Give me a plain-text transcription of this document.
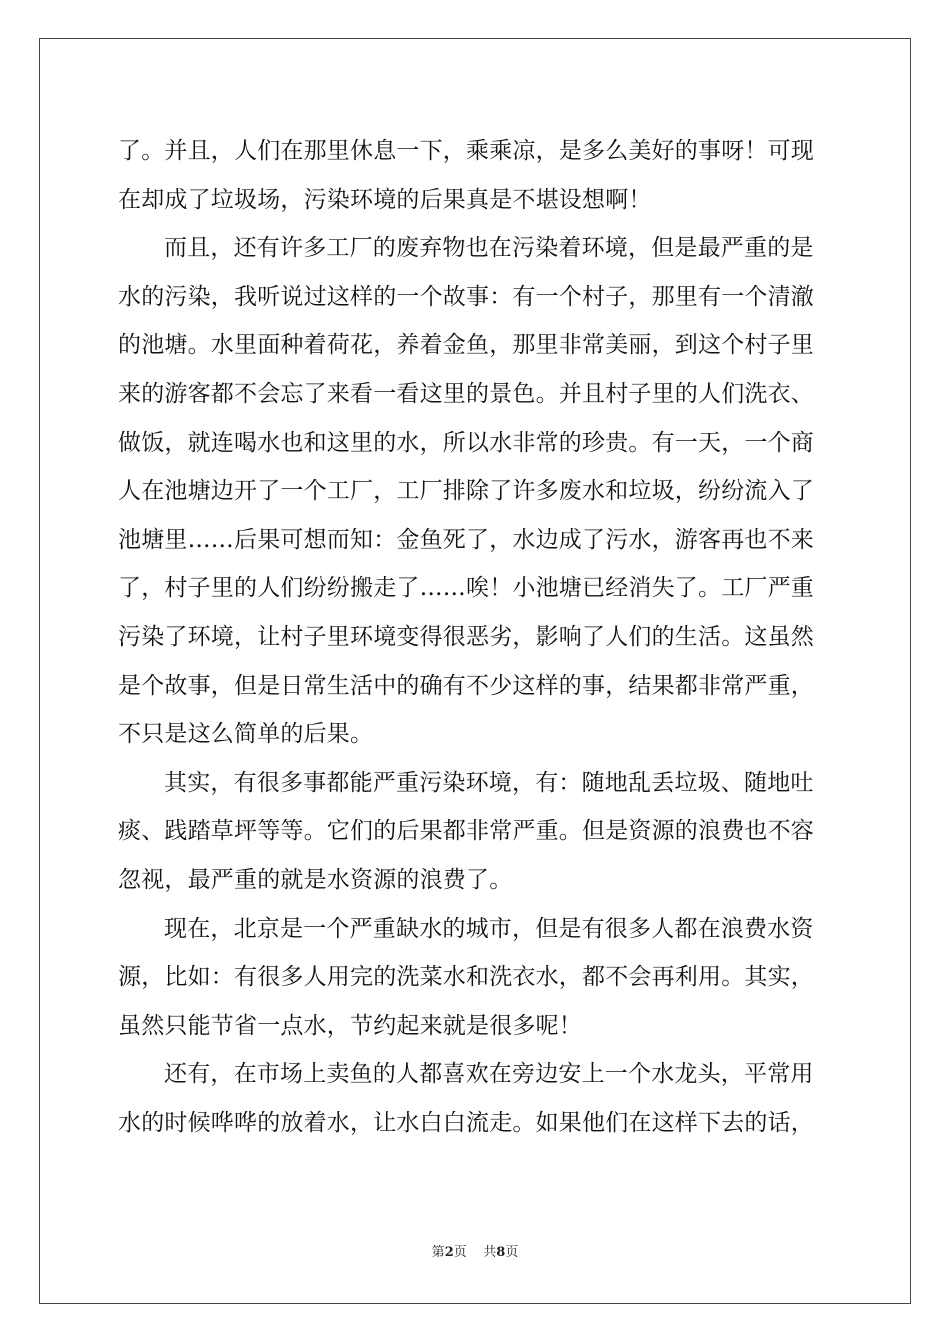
了。并且，人们在那里休息一下，乘乘凉，是多么美好的事呀！可现
在却成了垃圾场，污染环境的后果真是不堪设想啊！
而且，还有许多工厂的废弃物也在污染着环境，但是最严重的是
水的污染，我听说过这样的一个故事：有一个村子，那里有一个清澈
的池塘。水里面种着荷花，养着金鱼，那里非常美丽，到这个村子里
来的游客都不会忘了来看一看这里的景色。并且村子里的人们洗衣、
做饭，就连喝水也和这里的水，所以水非常的珍贵。有一天，一个商
人在池塘边开了一个工厂，工厂排除了许多废水和垃圾，纷纷流入了
池塘里……后果可想而知：金鱼死了，水边成了污水，游客再也不来
了，村子里的人们纷纷搬走了……唉！小池塘已经消失了。工厂严重
污染了环境，让村子里环境变得很恶劣，影响了人们的生活。这虽然
是个故事，但是日常生活中的确有不少这样的事，结果都非常严重，
不只是这么简单的后果。
其实，有很多事都能严重污染环境，有：随地乱丢垃圾、随地吐
痰、践踏草坪等等。它们的后果都非常严重。但是资源的浪费也不容
忽视，最严重的就是水资源的浪费了。
现在，北京是一个严重缺水的城市，但是有很多人都在浪费水资
源，比如：有很多人用完的洗菜水和洗衣水，都不会再利用。其实，
虽然只能节省一点水，节约起来就是很多呢！
还有，在市场上卖鱼的人都喜欢在旁边安上一个水龙头，平常用
水的时候哗哗的放着水，让水白白流走。如果他们在这样下去的话，
第2页    共8页
